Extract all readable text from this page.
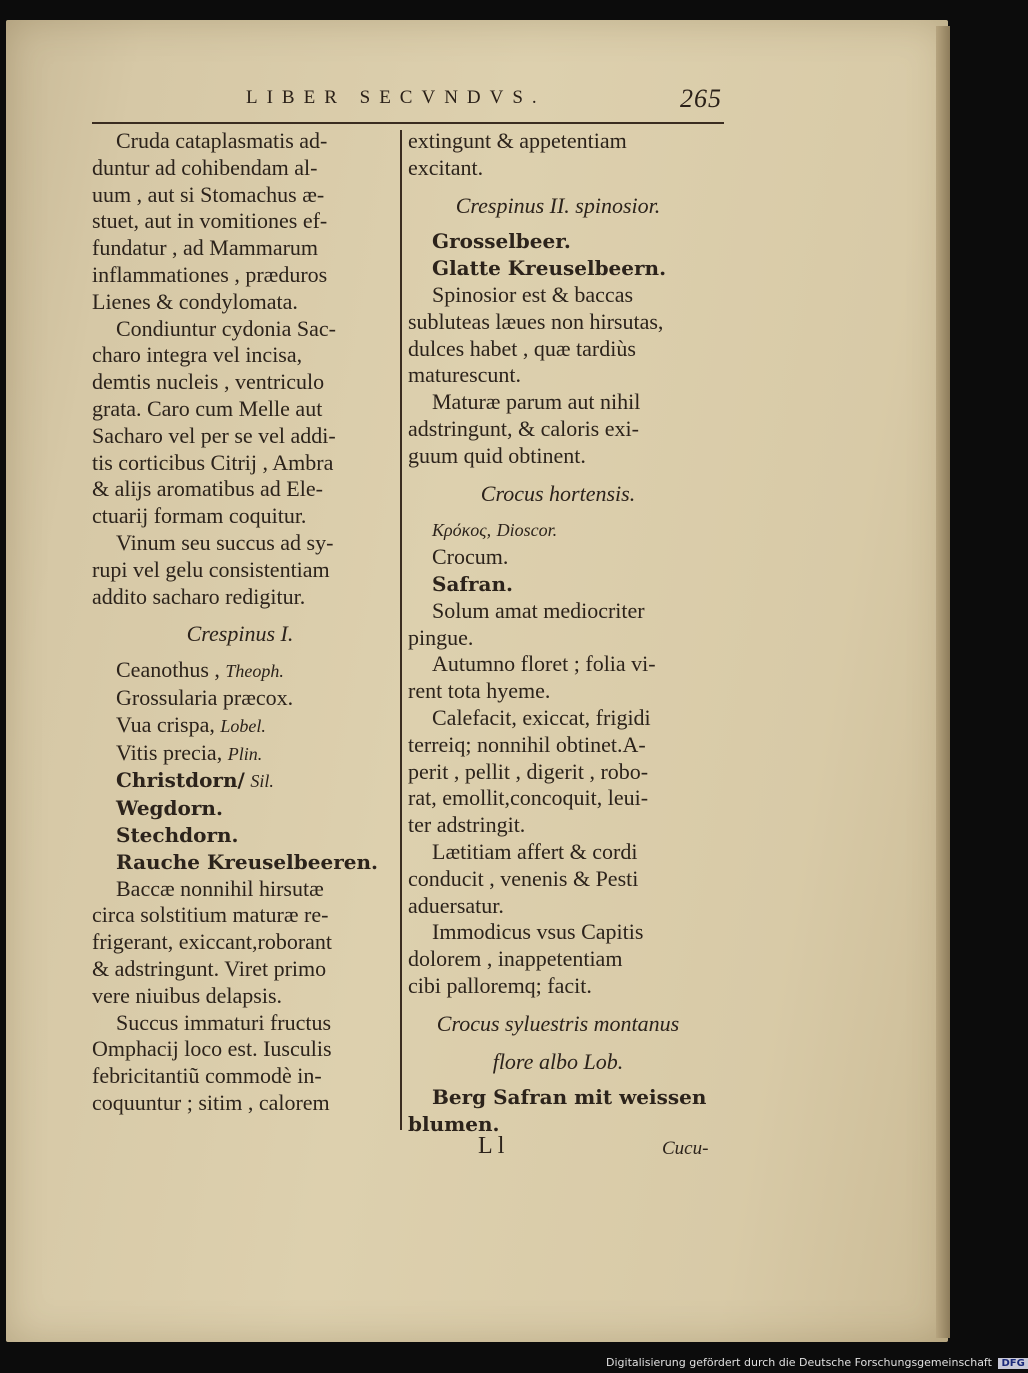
LIBER SECVNDVS.	265

Cruda cataplasmatis ad-

duntur ad cohibendam al-

uum , aut si Stomachus æ-

stuet, aut in vomitiones ef-

fundatur , ad Mammarum

inflammationes , præduros

Lienes & condylomata.

Condiuntur cydonia Sac-

charo integra vel incisa,

demtis nucleis , ventriculo

grata. Caro cum Melle aut

Sacharo vel per se vel addi-

tis corticibus Citrij , Ambra

& alijs aromatibus ad Ele-

ctuarij formam coquitur.

Vinum seu succus ad sy-

rupi vel gelu consistentiam

addito sacharo redigitur.

Crespinus I.

Ceanothus , Theoph.

Grossularia præcox.

Vua crispa, Lobel.

Vitis precia, Plin.

Christdorn/ Sil.

Wegdorn.

Stechdorn.

Rauche Kreuselbeeren.

Baccæ nonnihil hirsutæ

circa solstitium maturæ re-

frigerant, exiccant,roborant

& adstringunt. Viret primo

vere niuibus delapsis.

Succus immaturi fructus

Omphacij loco est. Iusculis

febricitantiũ commodè in-

coquuntur ; sitim , calorem

extingunt & appetentiam

excitant.

Crespinus II. spinosior.

Grosselbeer.

Glatte Kreuselbeern.

Spinosior est & baccas

subluteas læues non hirsutas,

dulces habet , quæ tardiùs

maturescunt.

Maturæ parum aut nihil

adstringunt, & caloris exi-

guum quid obtinent.

Crocus hortensis.

Κρόκος, Dioscor.

Crocum.

Safran.

Solum amat mediocriter

pingue.

Autumno floret ; folia vi-

rent tota hyeme.

Calefacit, exiccat, frigidi

terreiq; nonnihil obtinet.A-

perit , pellit , digerit , robo-

rat, emollit,concoquit, leui-

ter adstringit.

Lætitiam affert & cordi

conducit , venenis & Pesti

aduersatur.

Immodicus vsus Capitis

dolorem , inappetentiam

cibi palloremq; facit.

Crocus syluestris montanus

flore albo Lob.

Berg Safran mit weissen

blumen.

L l	Cucu-
Digitalisierung gefördert durch die Deutsche Forschungsgemeinschaft DFG
